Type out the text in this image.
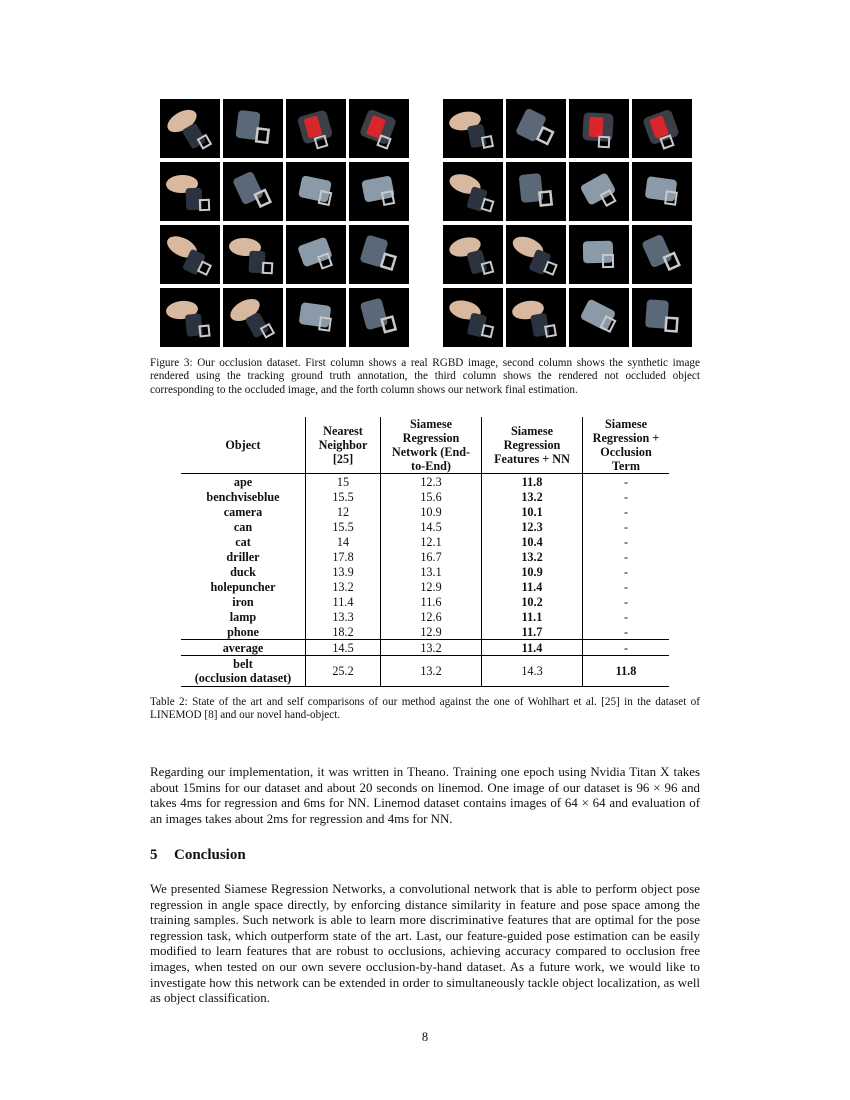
Figure 3: Our occlusion dataset. First column shows a real RGBD image, second column shows the synthetic image rendered using the tracking ground truth annotation, the third column shows the rendered not occluded object corresponding to the occluded image, and the forth column shows our network final estimation.
Object	Nearest Neighbor [25]	Siamese Regression Network (End-to-End)	Siamese Regression Features + NN	Siamese Regression + Occlusion Term
ape	15	12.3	11.8	-
benchviseblue	15.5	15.6	13.2	-
camera	12	10.9	10.1	-
can	15.5	14.5	12.3	-
cat	14	12.1	10.4	-
driller	17.8	16.7	13.2	-
duck	13.9	13.1	10.9	-
holepuncher	13.2	12.9	11.4	-
iron	11.4	11.6	10.2	-
lamp	13.3	12.6	11.1	-
phone	18.2	12.9	11.7	-
average	14.5	13.2	11.4	-
belt
(occlusion dataset)	25.2	13.2	14.3	11.8
Table 2: State of the art and self comparisons of our method against the one of Wohlhart et al. [25] in the dataset of LINEMOD [8] and our novel hand-object.
Regarding our implementation, it was written in Theano. Training one epoch using Nvidia Titan X takes about 15mins for our dataset and about 20 seconds on linemod. One image of our dataset is 96 × 96 and takes 4ms for regression and 6ms for NN. Linemod dataset contains images of 64 × 64 and evaluation of an images takes about 2ms for regression and 4ms for NN.
5 Conclusion
We presented Siamese Regression Networks, a convolutional network that is able to perform object pose regression in angle space directly, by enforcing distance similarity in feature and pose space among the training samples. Such network is able to learn more discriminative features that are optimal for the pose regression task, which outperform state of the art. Last, our feature-guided pose estimation can be easily modified to learn features that are robust to occlusions, achieving accuracy compared to occlusion free images, when tested on our own severe occlusion-by-hand dataset. As a future work, we would like to investigate how this network can be extended in order to simultaneously tackle object localization, as well as object classification.
8
